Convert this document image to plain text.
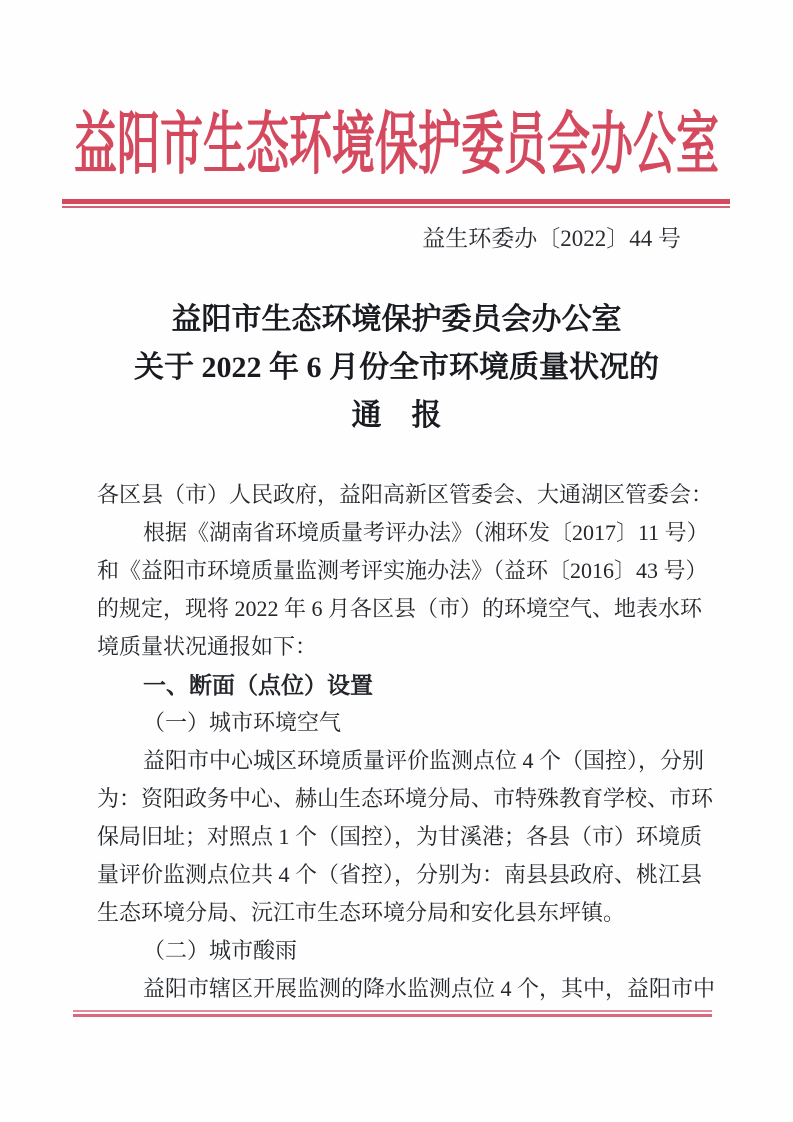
益阳市生态环境保护委员会办公室
益生环委办〔2022〕44 号
益阳市生态环境保护委员会办公室
关于 2022 年 6 月份全市环境质量状况的
通　报
各区县（市）人民政府，益阳高新区管委会、大通湖区管委会：
根据《湖南省环境质量考评办法》（湘环发〔2017〕11 号）
和《益阳市环境质量监测考评实施办法》（益环〔2016〕43 号）
的规定，现将 2022 年 6 月各区县（市）的环境空气、地表水环
境质量状况通报如下：
一、断面（点位）设置
（一）城市环境空气
益阳市中心城区环境质量评价监测点位 4 个（国控），分别
为：资阳政务中心、赫山生态环境分局、市特殊教育学校、市环
保局旧址；对照点 1 个（国控），为甘溪港；各县（市）环境质
量评价监测点位共 4 个（省控），分别为：南县县政府、桃江县
生态环境分局、沅江市生态环境分局和安化县东坪镇。
（二）城市酸雨
益阳市辖区开展监测的降水监测点位 4 个，其中，益阳市中
